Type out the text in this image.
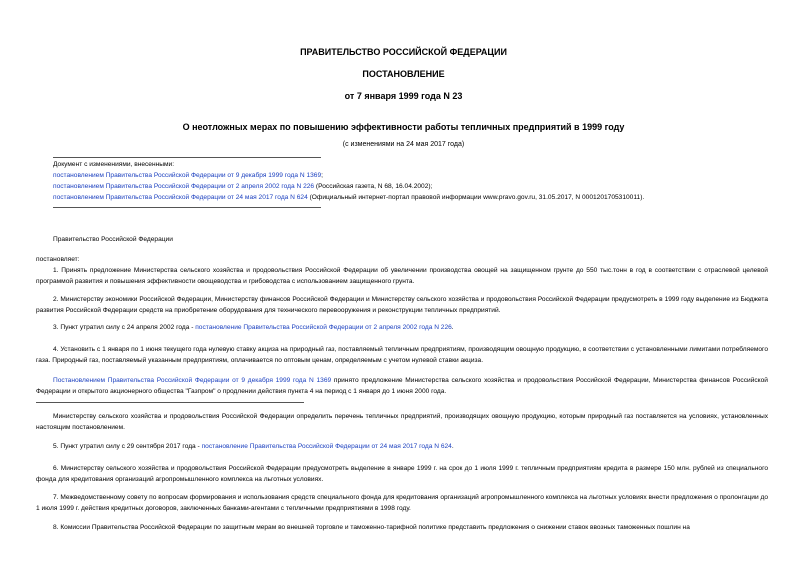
ПРАВИТЕЛЬСТВО РОССИЙСКОЙ ФЕДЕРАЦИИ
ПОСТАНОВЛЕНИЕ
от 7 января 1999 года N 23
О неотложных мерах по повышению эффективности работы тепличных предприятий в 1999 году
(с изменениями на 24 мая 2017 года)
Документ с изменениями, внесенными:
постановлением Правительства Российской Федерации от 9 декабря 1999 года N 1369;
постановлением Правительства Российской Федерации от 2 апреля 2002 года N 226 (Российская газета, N 68, 16.04.2002);
постановлением Правительства Российской Федерации от 24 мая 2017 года N 624 (Официальный интернет-портал правовой информации www.pravo.gov.ru, 31.05.2017, N 0001201705310011).
Правительство Российской Федерации
постановляет:
1. Принять предложение Министерства сельского хозяйства и продовольствия Российской Федерации об увеличении производства овощей на защищенном грунте до 550 тыс.тонн в год в соответствии с отраслевой целевой программой развития и повышения эффективности овощеводства и грибоводства с использованием защищенного грунта.
2. Министерству экономики Российской Федерации, Министерству финансов Российской Федерации и Министерству сельского хозяйства и продовольствия Российской Федерации предусмотреть в 1999 году выделение из Бюджета развития Российской Федерации средств на приобретение оборудования для технического перевооружения и реконструкции тепличных предприятий.
3. Пункт утратил силу с 24 апреля 2002 года - постановление Правительства Российской Федерации от 2 апреля 2002 года N 226.
4. Установить с 1 января по 1 июня текущего года нулевую ставку акциза на природный газ, поставляемый тепличным предприятиям, производящим овощную продукцию, в соответствии с установленными лимитами потребляемого газа. Природный газ, поставляемый указанным предприятиям, оплачивается по оптовым ценам, определяемым с учетом нулевой ставки акциза.
Постановлением Правительства Российской Федерации от 9 декабря 1999 года N 1369 принято предложение Министерства сельского хозяйства и продовольствия Российской Федерации, Министерства финансов Российской Федерации и открытого акционерного общества "Газпром" о продлении действия пункта 4 на период с 1 января до 1 июня 2000 года.
Министерству сельского хозяйства и продовольствия Российской Федерации определить перечень тепличных предприятий, производящих овощную продукцию, которым природный газ поставляется на условиях, установленных настоящим постановлением.
5. Пункт утратил силу с 29 сентября 2017 года - постановление Правительства Российской Федерации от 24 мая 2017 года N 624.
6. Министерству сельского хозяйства и продовольствия Российской Федерации предусмотреть выделение в январе 1999 г. на срок до 1 июля 1999 г. тепличным предприятиям кредита в размере 150 млн. рублей из специального фонда для кредитования организаций агропромышленного комплекса на льготных условиях.
7. Межведомственному совету по вопросам формирования и использования средств специального фонда для кредитования организаций агропромышленного комплекса на льготных условиях внести предложения о пролонгации до 1 июля 1999 г. действия кредитных договоров, заключенных банками-агентами с тепличными предприятиями в 1998 году.
8. Комиссии Правительства Российской Федерации по защитным мерам во внешней торговле и таможенно-тарифной политике представить предложения о снижении ставок ввозных таможенных пошлин на
